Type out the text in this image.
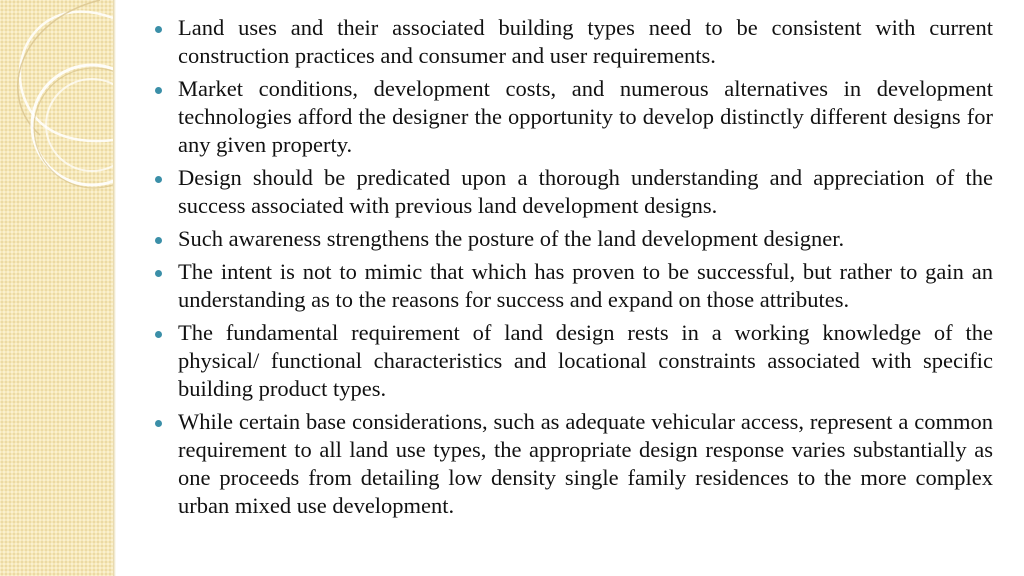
Land uses and their associated building types need to be consistent with current construction practices and consumer and user requirements.
Market conditions, development costs, and numerous alternatives in development technologies afford the designer the opportunity to develop distinctly different designs for any given property.
Design should be predicated upon a thorough understanding and appreciation of the success associated with previous land development designs.
Such awareness strengthens the posture of the land development designer.
The intent is not to mimic that which has proven to be successful, but rather to gain an understanding as to the reasons for success and expand on those attributes.
The fundamental requirement of land design rests in a working knowledge of the physical/ functional characteristics and locational constraints associated with specific building product types.
While certain base considerations, such as adequate vehicular access, represent a common requirement to all land use types, the appropriate design response varies substantially as one proceeds from detailing low density single family residences to the more complex urban mixed use development.
